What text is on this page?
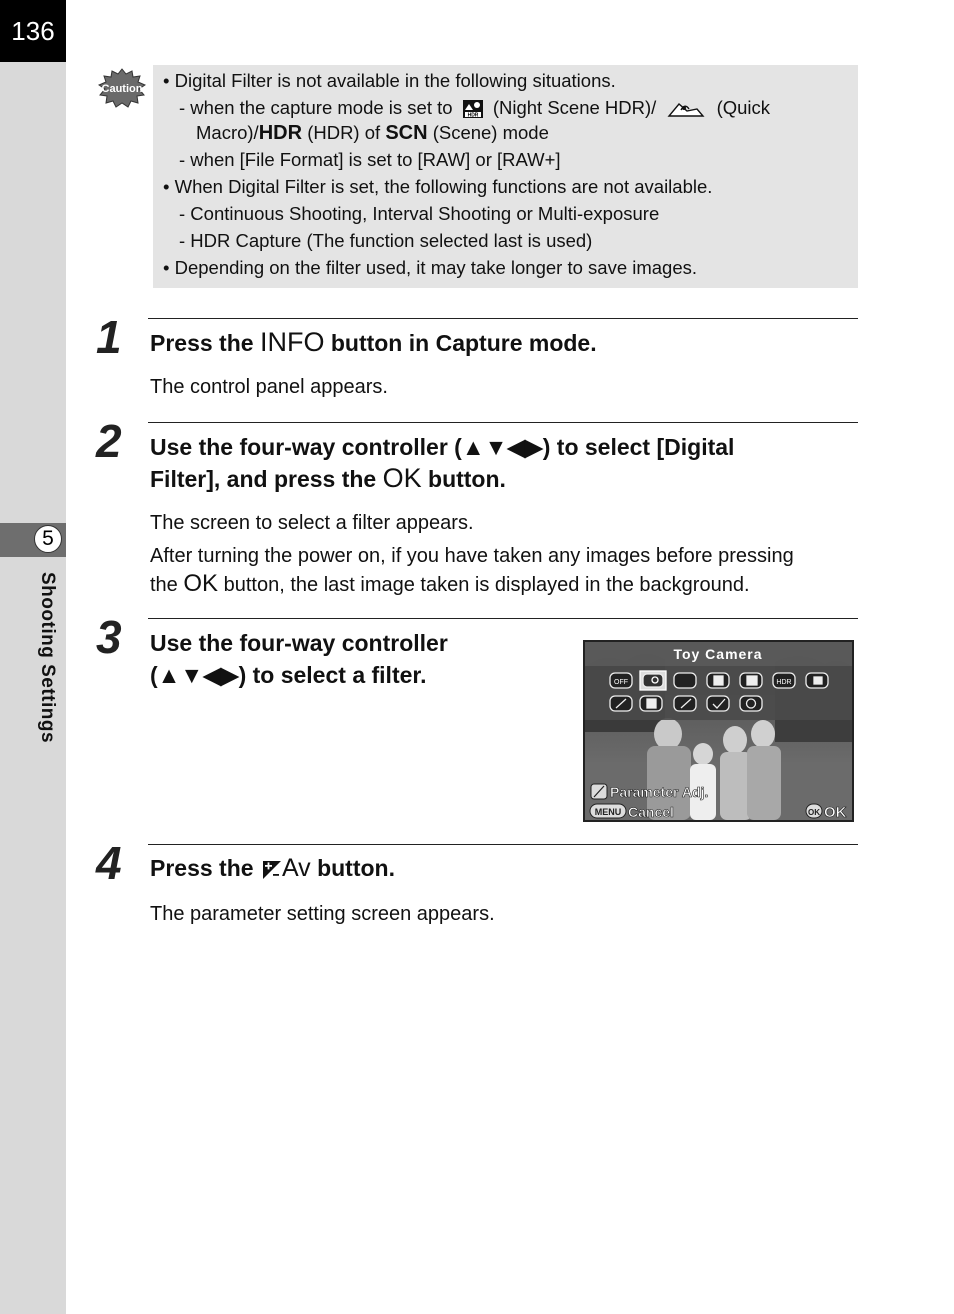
136
5
Shooting Settings
Caution • Digital Filter is not available in the following situations.

- when the capture mode is set to	HDR (Night Scene HDR)/	(Quick

Macro)/HDR (HDR) of SCN (Scene) mode

- when [File Format] is set to [RAW] or [RAW+]

• When Digital Filter is set, the following functions are not available.

- Continuous Shooting, Interval Shooting or Multi-exposure

- HDR Capture (The function selected last is used)

• Depending on the filter used, it may take longer to save images.

1 Press the INFO button in Capture mode.

The control panel appears.

2 Use the four-way controller (▲▼◀▶) to select [Digital

Filter], and press the OK button.

The screen to select a filter appears.

After turning the power on, if you have taken any images before pressing

the OK button, the last image taken is displayed in the background.

3 Use the four-way controller

(▲▼◀▶) to select a filter.

Toy Camera
OFF	HDR
Parameter Adj.
MENU Cancel	OK OK
4 Press the Av button.

The parameter setting screen appears.
